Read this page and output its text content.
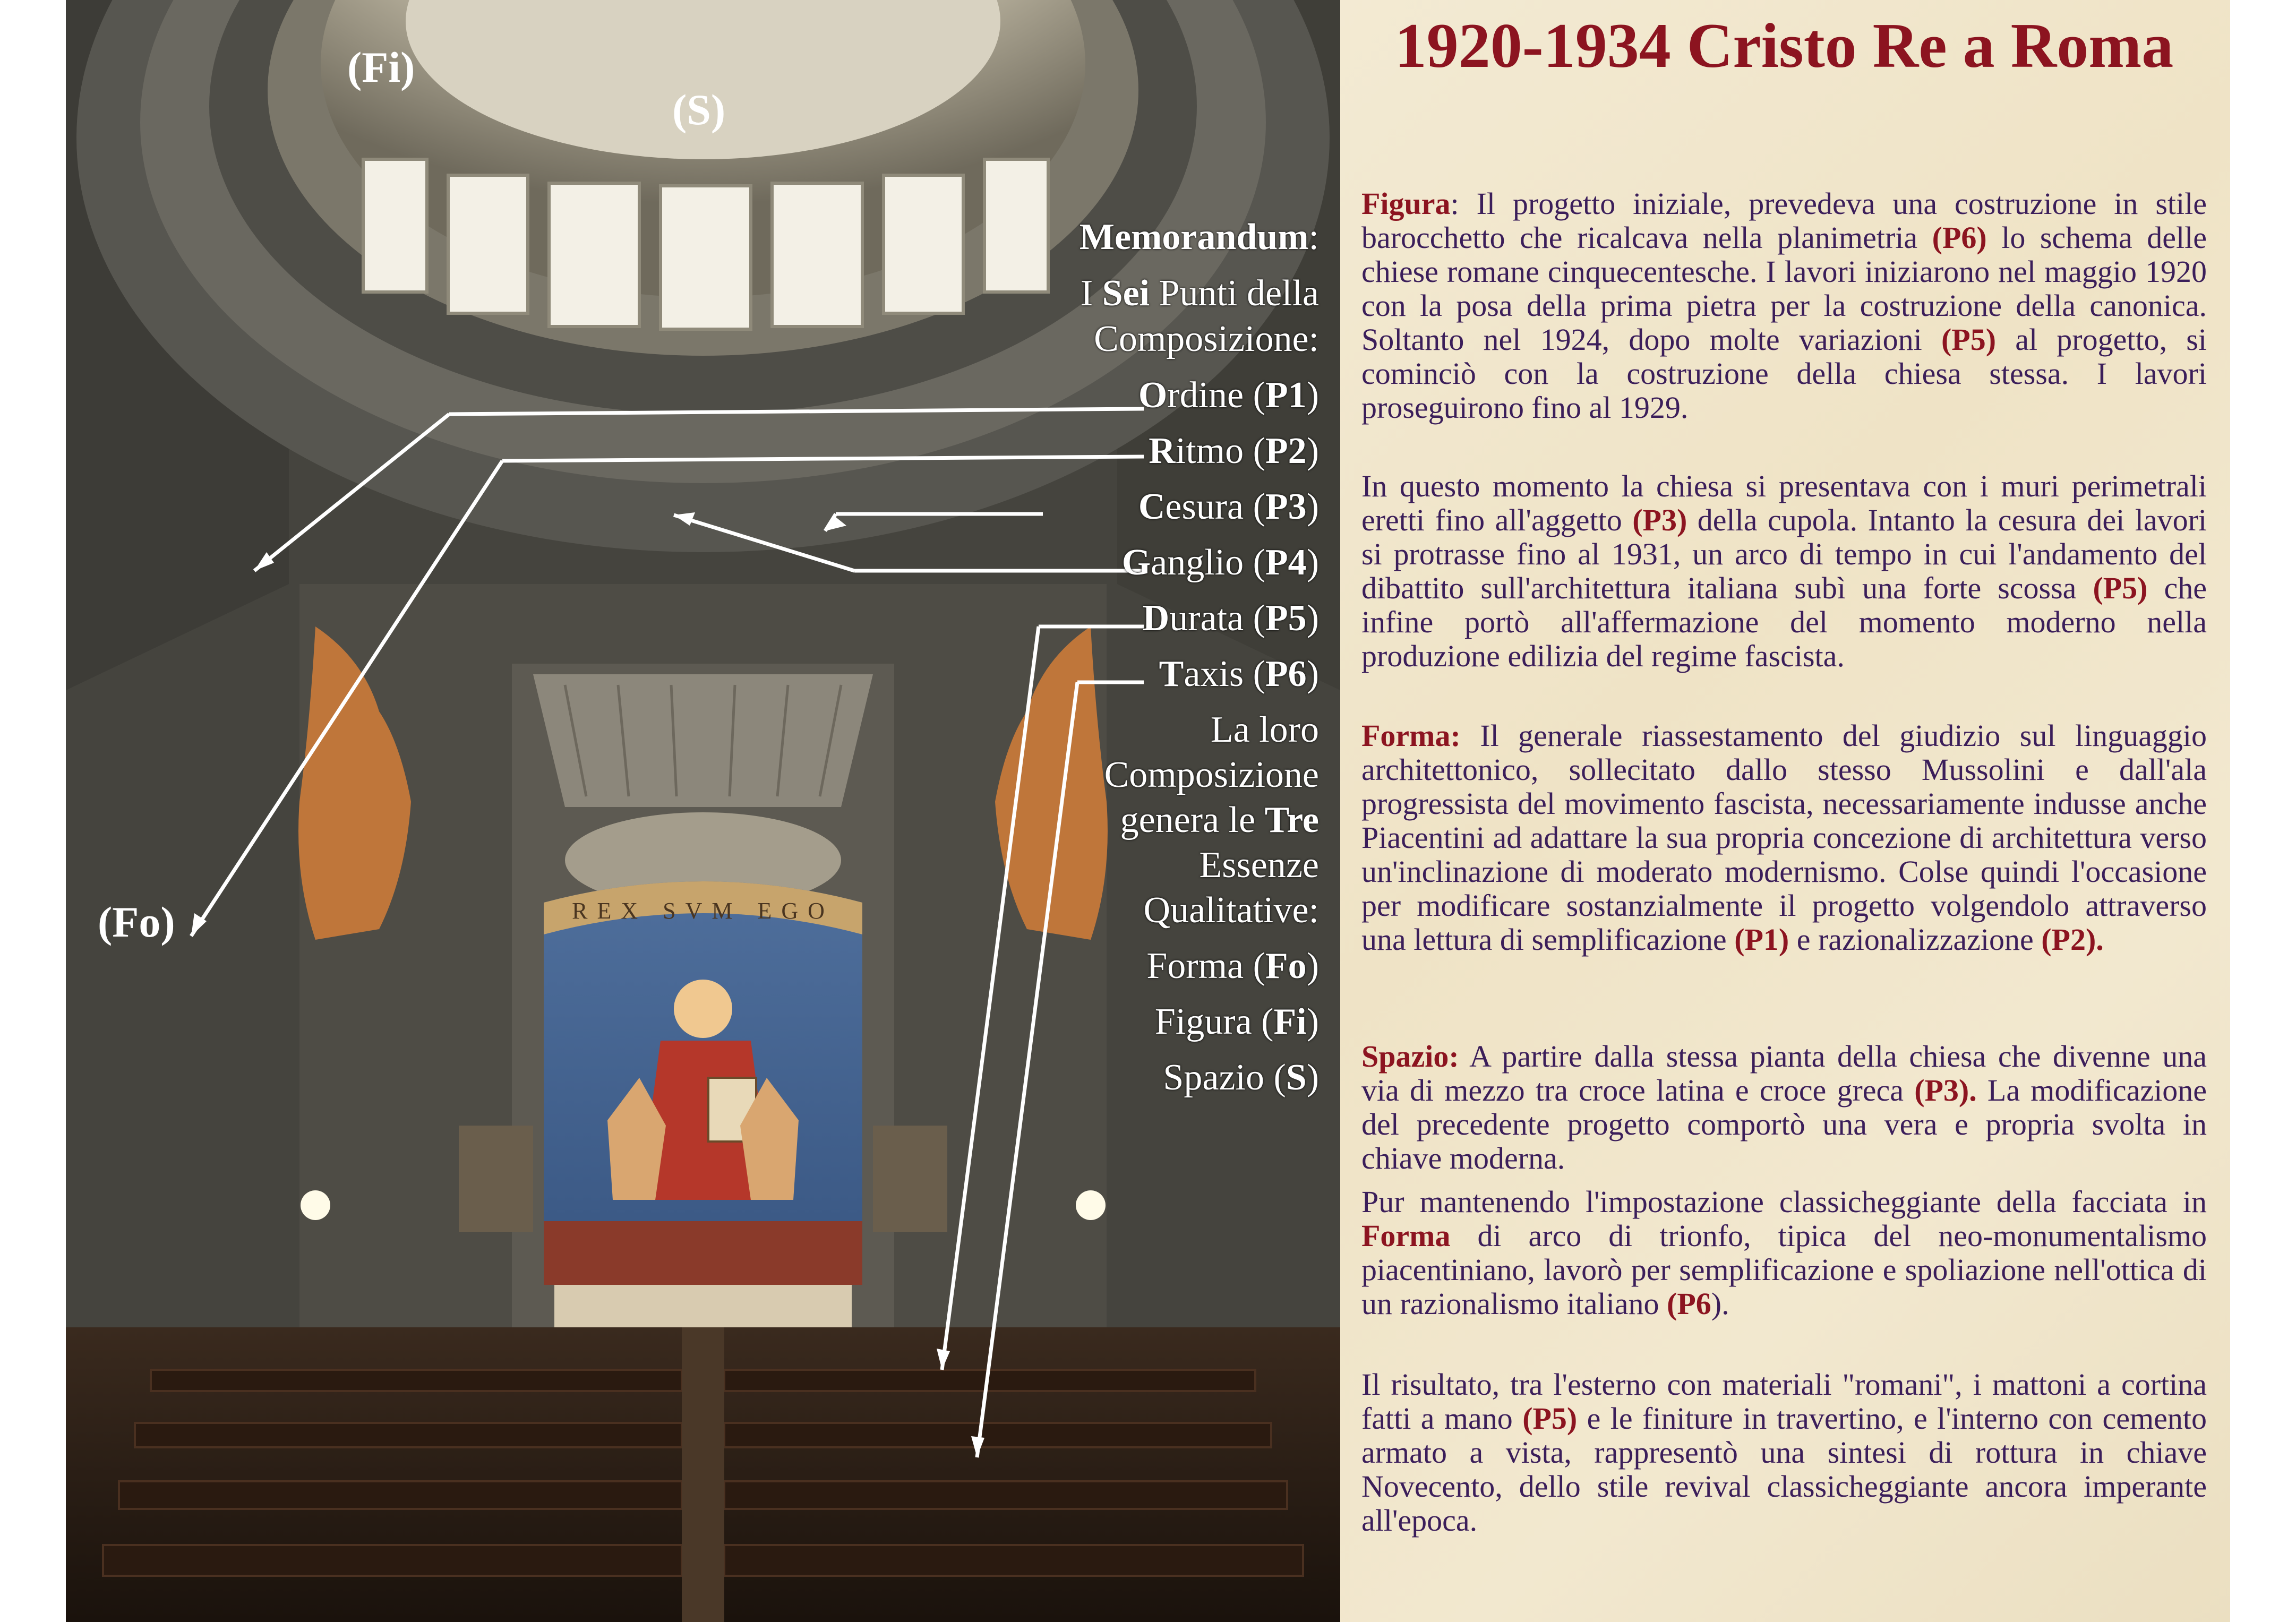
REX SVM EGO
(Fi)
(S)
(Fo)
Memorandum:
I Sei Punti della
Composizione:
Ordine (P1)
Ritmo (P2)
Cesura (P3)
Ganglio (P4)
Durata (P5)
Taxis (P6)
La loro
Composizione
genera le Tre
Essenze
Qualitative:
Forma (Fo)
Figura (Fi)
Spazio (S)
1920-1934 Cristo Re a Roma
Figura: Il progetto iniziale, prevedeva una costruzione in stile barocchetto che ricalcava nella planimetria (P6) lo schema delle chiese romane cinquecentesche. I lavori iniziarono nel maggio 1920 con la posa della prima pietra per la costruzione della canonica. Soltanto nel 1924, dopo molte variazioni (P5) al progetto, si cominciò con la costruzione della chiesa stessa. I lavori proseguirono fino al 1929.
In questo momento la chiesa si presentava con i muri perimetrali eretti fino all'aggetto (P3) della cupola. Intanto la cesura dei lavori si protrasse fino al 1931, un arco di tempo in cui l'andamento del dibattito sull'architettura italiana subì una forte scossa (P5) che infine portò all'affermazione del momento moderno nella produzione edilizia del regime fascista.
Forma: Il generale riassestamento del giudizio sul linguaggio architettonico, sollecitato dallo stesso Mussolini e dall'ala progressista del movimento fascista, necessariamente indusse anche Piacentini ad adattare la sua propria concezione di architettura verso un'inclinazione di moderato modernismo. Colse quindi l'occasione per modificare sostanzialmente il progetto volgendolo attraverso una lettura di semplificazione (P1) e razionalizzazione (P2).
Spazio: A partire dalla stessa pianta della chiesa che divenne una via di mezzo tra croce latina e croce greca (P3). La modificazione del precedente progetto comportò una vera e propria svolta in chiave moderna.
Pur mantenendo l'impostazione classicheggiante della facciata in Forma di arco di trionfo, tipica del neo-monumentalismo piacentiniano, lavorò per semplificazione e spoliazione nell'ottica di un razionalismo italiano (P6).
Il risultato, tra l'esterno con materiali "romani", i mattoni a cortina fatti a mano (P5) e le finiture in travertino, e l'interno con cemento armato a vista, rappresentò una sintesi di rottura in chiave Novecento, dello stile revival classicheggiante ancora imperante all'epoca.
